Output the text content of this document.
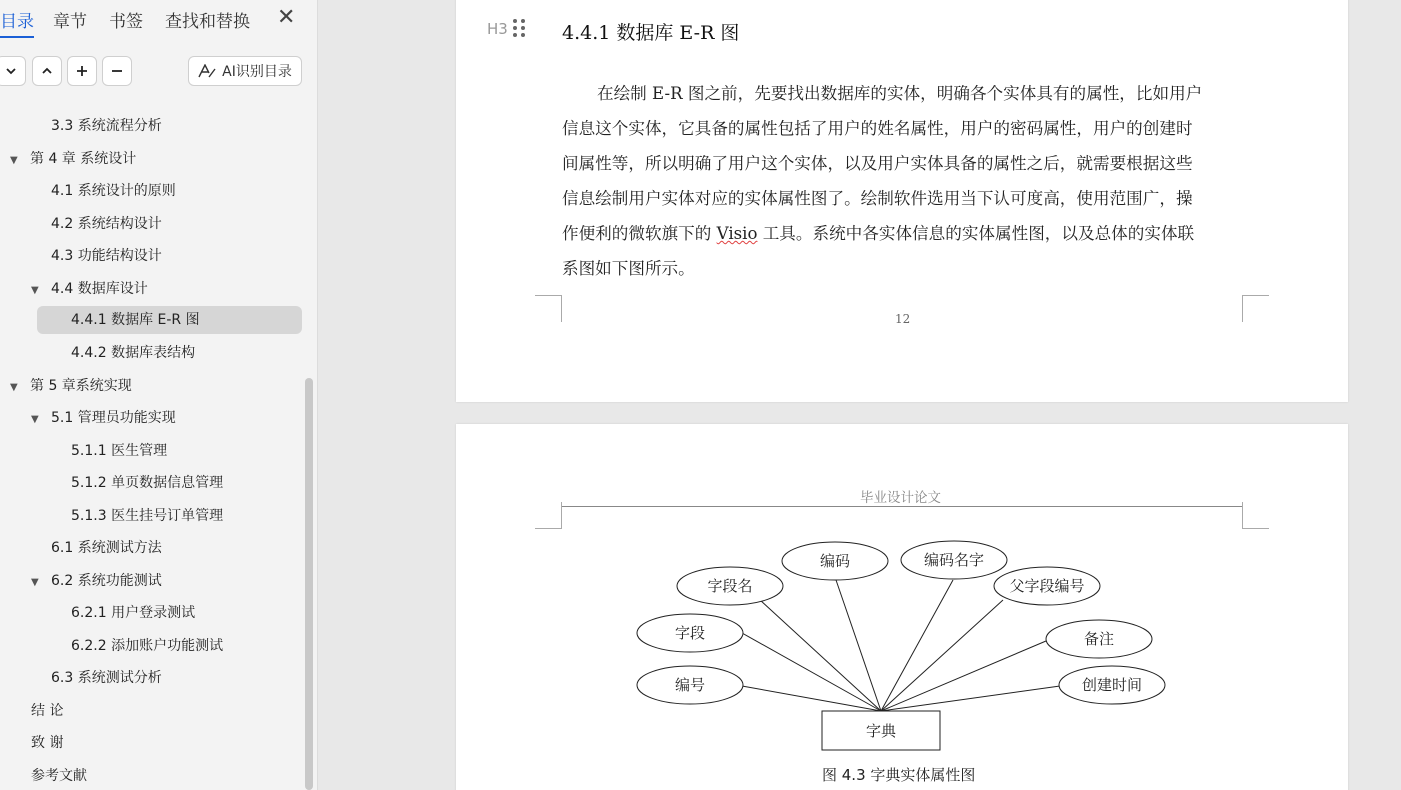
目录 章节 书签 查找和替换 ✕
AI识别目录
3.3 系统流程分析
▼ 第 4 章 系统设计
4.1 系统设计的原则
4.2 系统结构设计
4.3 功能结构设计
▼ 4.4 数据库设计
4.4.1 数据库 E-R 图
4.4.2 数据库表结构
▼ 第 5 章系统实现
▼ 5.1 管理员功能实现
5.1.1 医生管理
5.1.2 单页数据信息管理
5.1.3 医生挂号订单管理
6.1 系统测试方法
▼ 6.2 系统功能测试
6.2.1 用户登录测试
6.2.2 添加账户功能测试
6.3 系统测试分析
结 论
致 谢
参考文献
H3	4.4.1 数据库 E-R 图
在绘制 E-R 图之前，先要找出数据库的实体，明确各个实体具有的属性，比如用户
信息这个实体，它具备的属性包括了用户的姓名属性，用户的密码属性，用户的创建时
间属性等，所以明确了用户这个实体，以及用户实体具备的属性之后，就需要根据这些
信息绘制用户实体对应的实体属性图了。绘制软件选用当下认可度高，使用范围广，操
作便利的微软旗下的 Visio 工具。系统中各实体信息的实体属性图，以及总体的实体联
系图如下图所示。
12
毕业设计论文
编码	编码名字
字段名	父字段编号
字段	备注
编号	创建时间
字典
图 4.3 字典实体属性图
